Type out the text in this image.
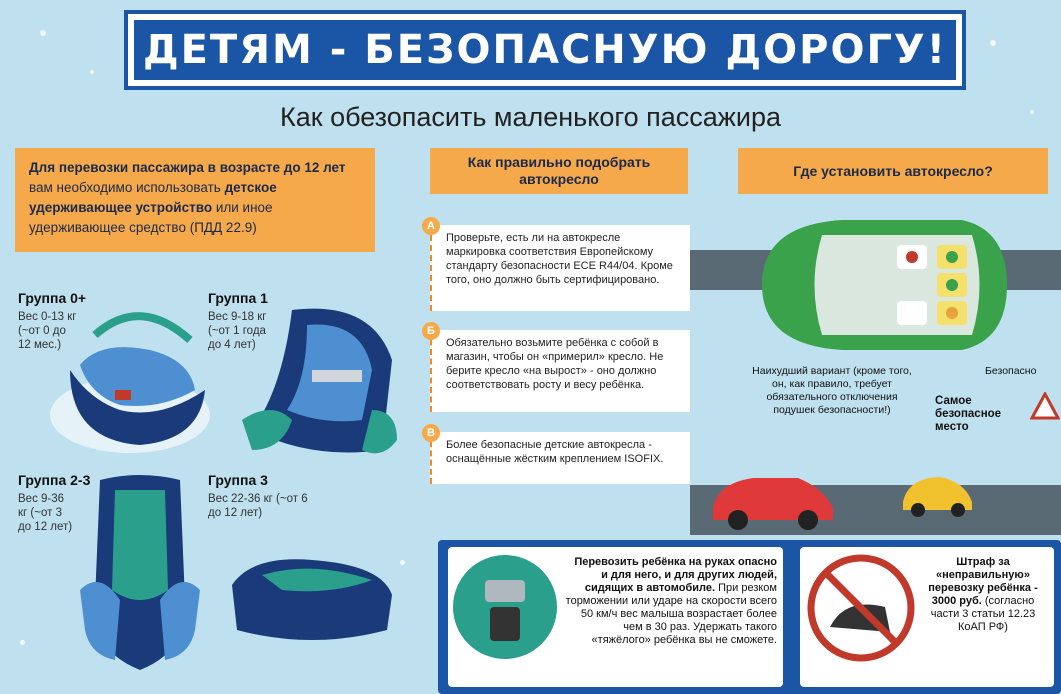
ДЕТЯМ - БЕЗОПАСНУЮ ДОРОГУ!
Как обезопасить маленького пассажира
Для перевозки пассажира в возрасте до 12 лет вам необходимо использовать детское удерживающее устройство или иное удерживающее средство (ПДД 22.9)
Группа 0+
Вес 0-13 кг (~от 0 до 12 мес.)
Группа 1
Вес 9-18 кг (~от 1 года до 4 лет)
Группа 2-3
Вес 9-36 кг (~от 3 до 12 лет)
Группа 3
Вес 22-36 кг (~от 6 до 12 лет)
Как правильно подобрать автокресло
А
Проверьте, есть ли на автокресле маркировка соответствия Европейскому стандарту безопасности ECE R44/04. Кроме того, оно должно быть сертифицировано.
Б
Обязательно возьмите ребёнка с собой в магазин, чтобы он «примерил» кресло. Не берите кресло «на вырост» - оно должно соответствовать росту и весу ребёнка.
В
Более безопасные детские автокресла - оснащённые жёстким креплением ISOFIX.
Где установить автокресло?
Наихудший вариант (кроме того, он, как правило, требует обязательного отключения подушек безопасности!)
Безопасно
Самое безопасное место
Перевозить ребёнка на руках опасно и для него, и для других людей, сидящих в автомобиле. При резком торможении или ударе на скорости всего 50 км/ч вес малыша возрастает более чем в 30 раз. Удержать такого «тяжёлого» ребёнка вы не сможете.
Штраф за «неправильную» перевозку ребёнка - 3000 руб. (согласно части 3 статьи 12.23 КоАП РФ)
